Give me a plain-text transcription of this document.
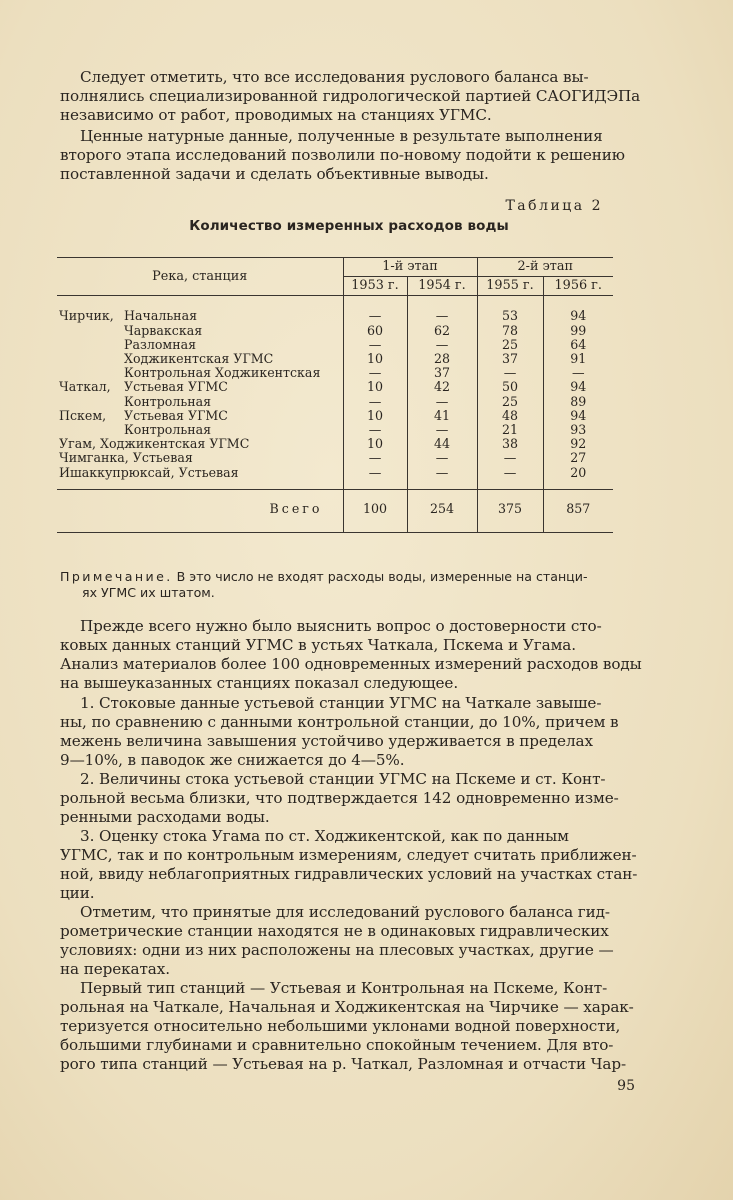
Следует отметить, что все исследования руслового баланса вы-
полнялись специализированной гидрологической партией САОГИДЭПа
независимо от работ, проводимых на станциях УГМС.

Ценные натурные данные, полученные в результате выполнения
второго этапа исследований позволили по-новому подойти к решению
поставленной задачи и сделать объективные выводы.

Таблица 2

Количество измеренных расходов воды

Река, станция	1-й этап		2-й этап	
	1953 г.	1954 г.	1955 г.	1956 г.
Чирчик, Начальная	—	—	53	94
Чарвакская	60	62	78	99
Разломная	—	—	25	64
Ходжикентская УГМС	10	28	37	91
Контрольная Ходжикентская	—	37	—	—
Чаткал, Устьевая УГМС	10	42	50	94
Контрольная	—	—	25	89
Пскем, Устьевая УГМС	10	41	48	94
Контрольная	—	—	21	93
Угам, Ходжикентская УГМС	10	44	38	92
Чимганка, Устьевая	—	—	—	27
Ишаккупрюксай, Устьевая	—	—	—	20
Всего	100	254	375	857

Примечание. В это число не входят расходы воды, измеренные на станци-
ях УГМС их штатом.

Прежде всего нужно было выяснить вопрос о достоверности сто-
ковых данных станций УГМС в устьях Чаткала, Пскема и Угама.
Анализ материалов более 100 одновременных измерений расходов воды
на вышеуказанных станциях показал следующее.

1. Стоковые данные устьевой станции УГМС на Чаткале завыше-
ны, по сравнению с данными контрольной станции, до 10%, причем в
межень величина завышения устойчиво удерживается в пределах
9—10%, в паводок же снижается до 4—5%.

2. Величины стока устьевой станции УГМС на Пскеме и ст. Конт-
рольной весьма близки, что подтверждается 142 одновременно изме-
ренными расходами воды.

3. Оценку стока Угама по ст. Ходжикентской, как по данным
УГМС, так и по контрольным измерениям, следует считать приближен-
ной, ввиду неблагоприятных гидравлических условий на участках стан-
ции.

Отметим, что принятые для исследований руслового баланса гид-
рометрические станции находятся не в одинаковых гидравлических
условиях: одни из них расположены на плесовых участках, другие —
на перекатах.

Первый тип станций — Устьевая и Контрольная на Пскеме, Конт-
рольная на Чаткале, Начальная и Ходжикентская на Чирчике — харак-
теризуется относительно небольшими уклонами водной поверхности,
большими глубинами и сравнительно спокойным течением. Для вто-
рого типа станций — Устьевая на р. Чаткал, Разломная и отчасти Чар-

95
